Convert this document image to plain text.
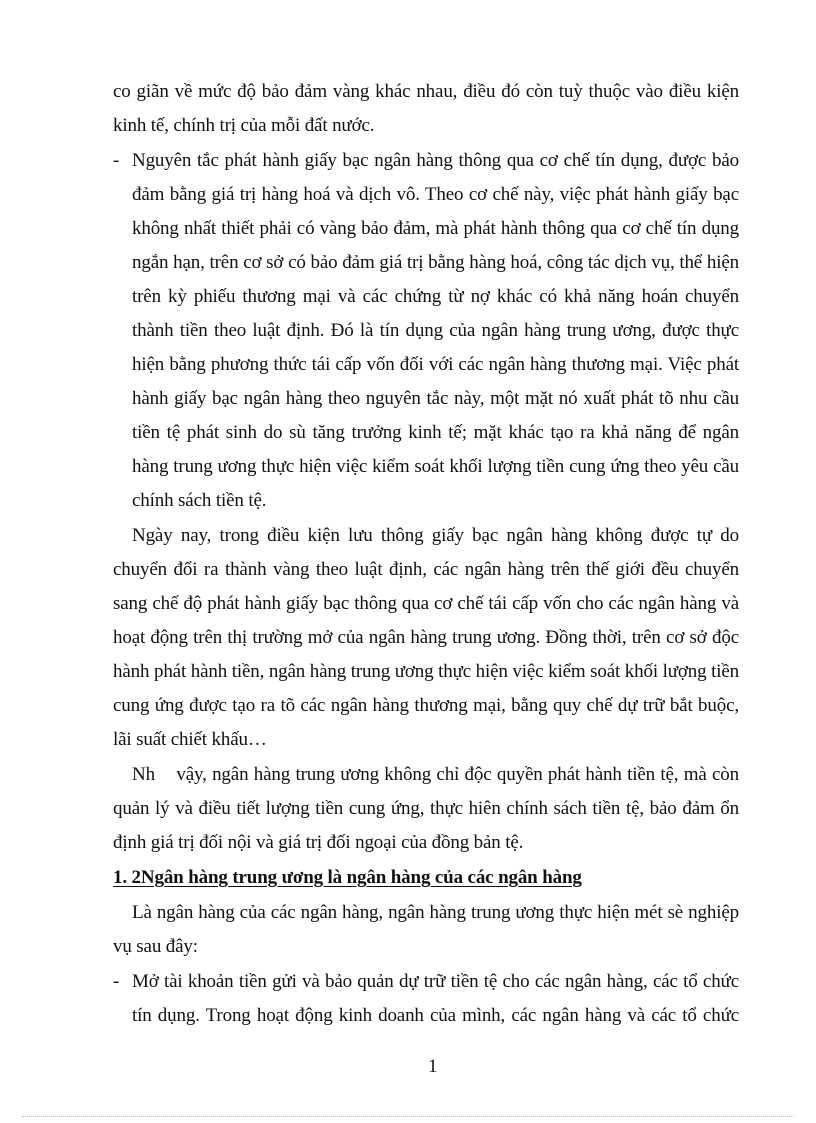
co giãn về mức độ bảo đảm vàng khác nhau, điều đó còn tuỳ thuộc vào điều kiện
kinh tế, chính trị của mỗi đất nước.
- Nguyên tắc phát hành giấy bạc ngân hàng thông qua cơ chế tín dụng, được bảo
đảm bằng giá trị hàng hoá và dịch vô. Theo cơ chế này, việc phát hành giấy bạc
không nhất thiết phải có vàng bảo đảm, mà phát hành thông qua cơ chế tín dụng
ngắn hạn, trên cơ sở có bảo đảm giá trị bằng hàng hoá, công tác dịch vụ, thể hiện
trên kỳ phiếu thương mại và các chứng từ nợ khác có khả năng hoán chuyển
thành tiền theo luật định. Đó là tín dụng của ngân hàng trung ương, được thực
hiện bằng phương thức tái cấp vốn đối với các ngân hàng thương mại. Việc phát
hành giấy bạc ngân hàng theo nguyên tắc này, một mặt nó xuất phát tõ nhu cầu
tiền tệ phát sinh do sù tăng trưởng kinh tế; mặt khác tạo ra khả năng để ngân
hàng trung ương thực hiện việc kiểm soát khối lượng tiền cung ứng theo yêu cầu
chính sách tiền tệ.
Ngày nay, trong điều kiện lưu thông giấy bạc ngân hàng không được tự do
chuyển đổi ra thành vàng theo luật định, các ngân hàng trên thế giới đều chuyển
sang chế độ phát hành giấy bạc thông qua cơ chế tái cấp vốn cho các ngân hàng và
hoạt động trên thị trường mở của ngân hàng trung ương. Đồng thời, trên cơ sở độc
hành phát hành tiền, ngân hàng trung ương thực hiện việc kiểm soát khối lượng tiền
cung ứng được tạo ra tõ các ngân hàng thương mại, bằng quy chế dự trữ bắt buộc,
lãi suất chiết khấu…
Nh    vậy, ngân hàng trung ương không chỉ độc quyền phát hành tiền tệ, mà còn
quản lý và điều tiết lượng tiền cung ứng, thực hiên chính sách tiền tệ, bảo đảm ổn
định giá trị đối nội và giá trị đối ngoại của đồng bản tệ.
1. 2Ngân hàng trung ương là ngân hàng của các ngân hàng
Là ngân hàng của các ngân hàng, ngân hàng trung ương thực hiện mét sè nghiệp
vụ sau đây:
- Mở tài khoản tiền gửi và bảo quản dự trữ tiền tệ cho các ngân hàng, các tổ chức
tín dụng. Trong hoạt động kinh doanh của mình, các ngân hàng và các tổ chức
1
